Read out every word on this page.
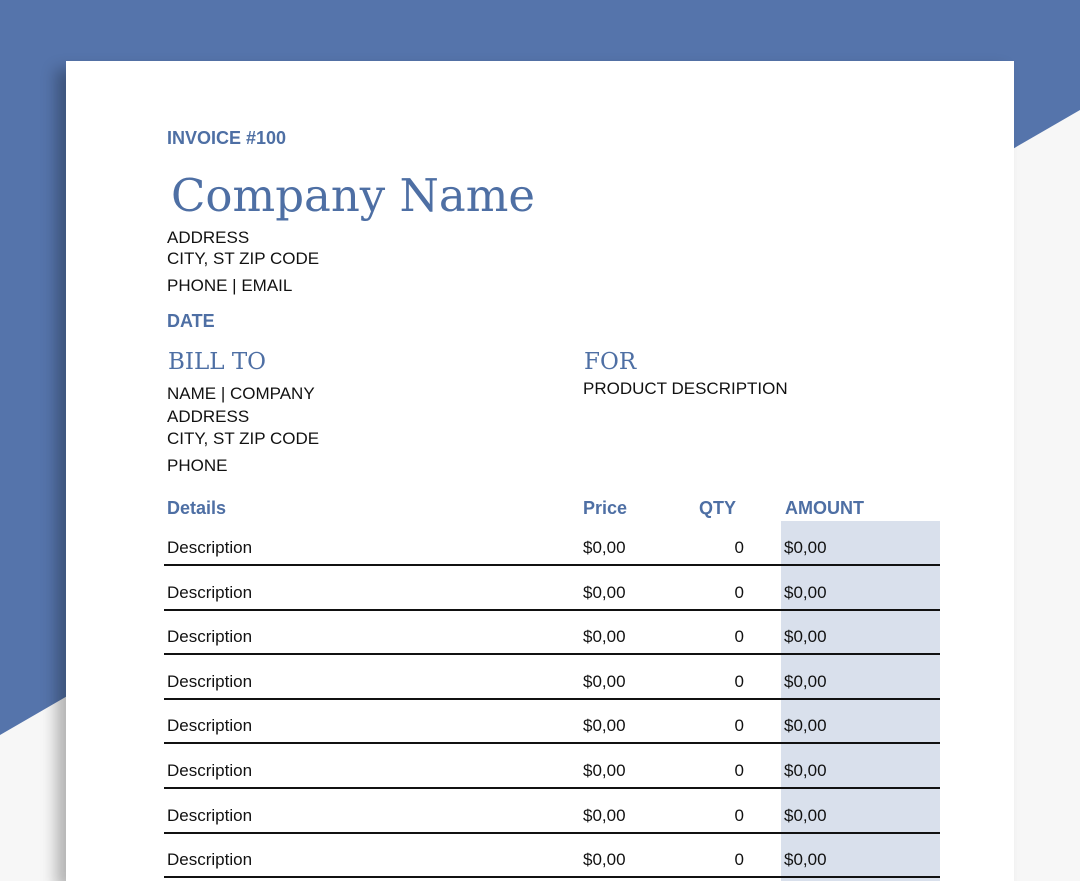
INVOICE #100
Company Name
ADDRESS
CITY, ST ZIP CODE
PHONE | EMAIL
DATE
BILL TO
NAME | COMPANY
ADDRESS
CITY, ST ZIP CODE
PHONE
FOR
PRODUCT DESCRIPTION
Details	Price	QTY	AMOUNT
Description	$0,00	0 $0,00
Description	$0,00	0 $0,00
Description	$0,00	0 $0,00
Description	$0,00	0 $0,00
Description	$0,00	0 $0,00
Description	$0,00	0 $0,00
Description	$0,00	0 $0,00
Description	$0,00	0 $0,00
